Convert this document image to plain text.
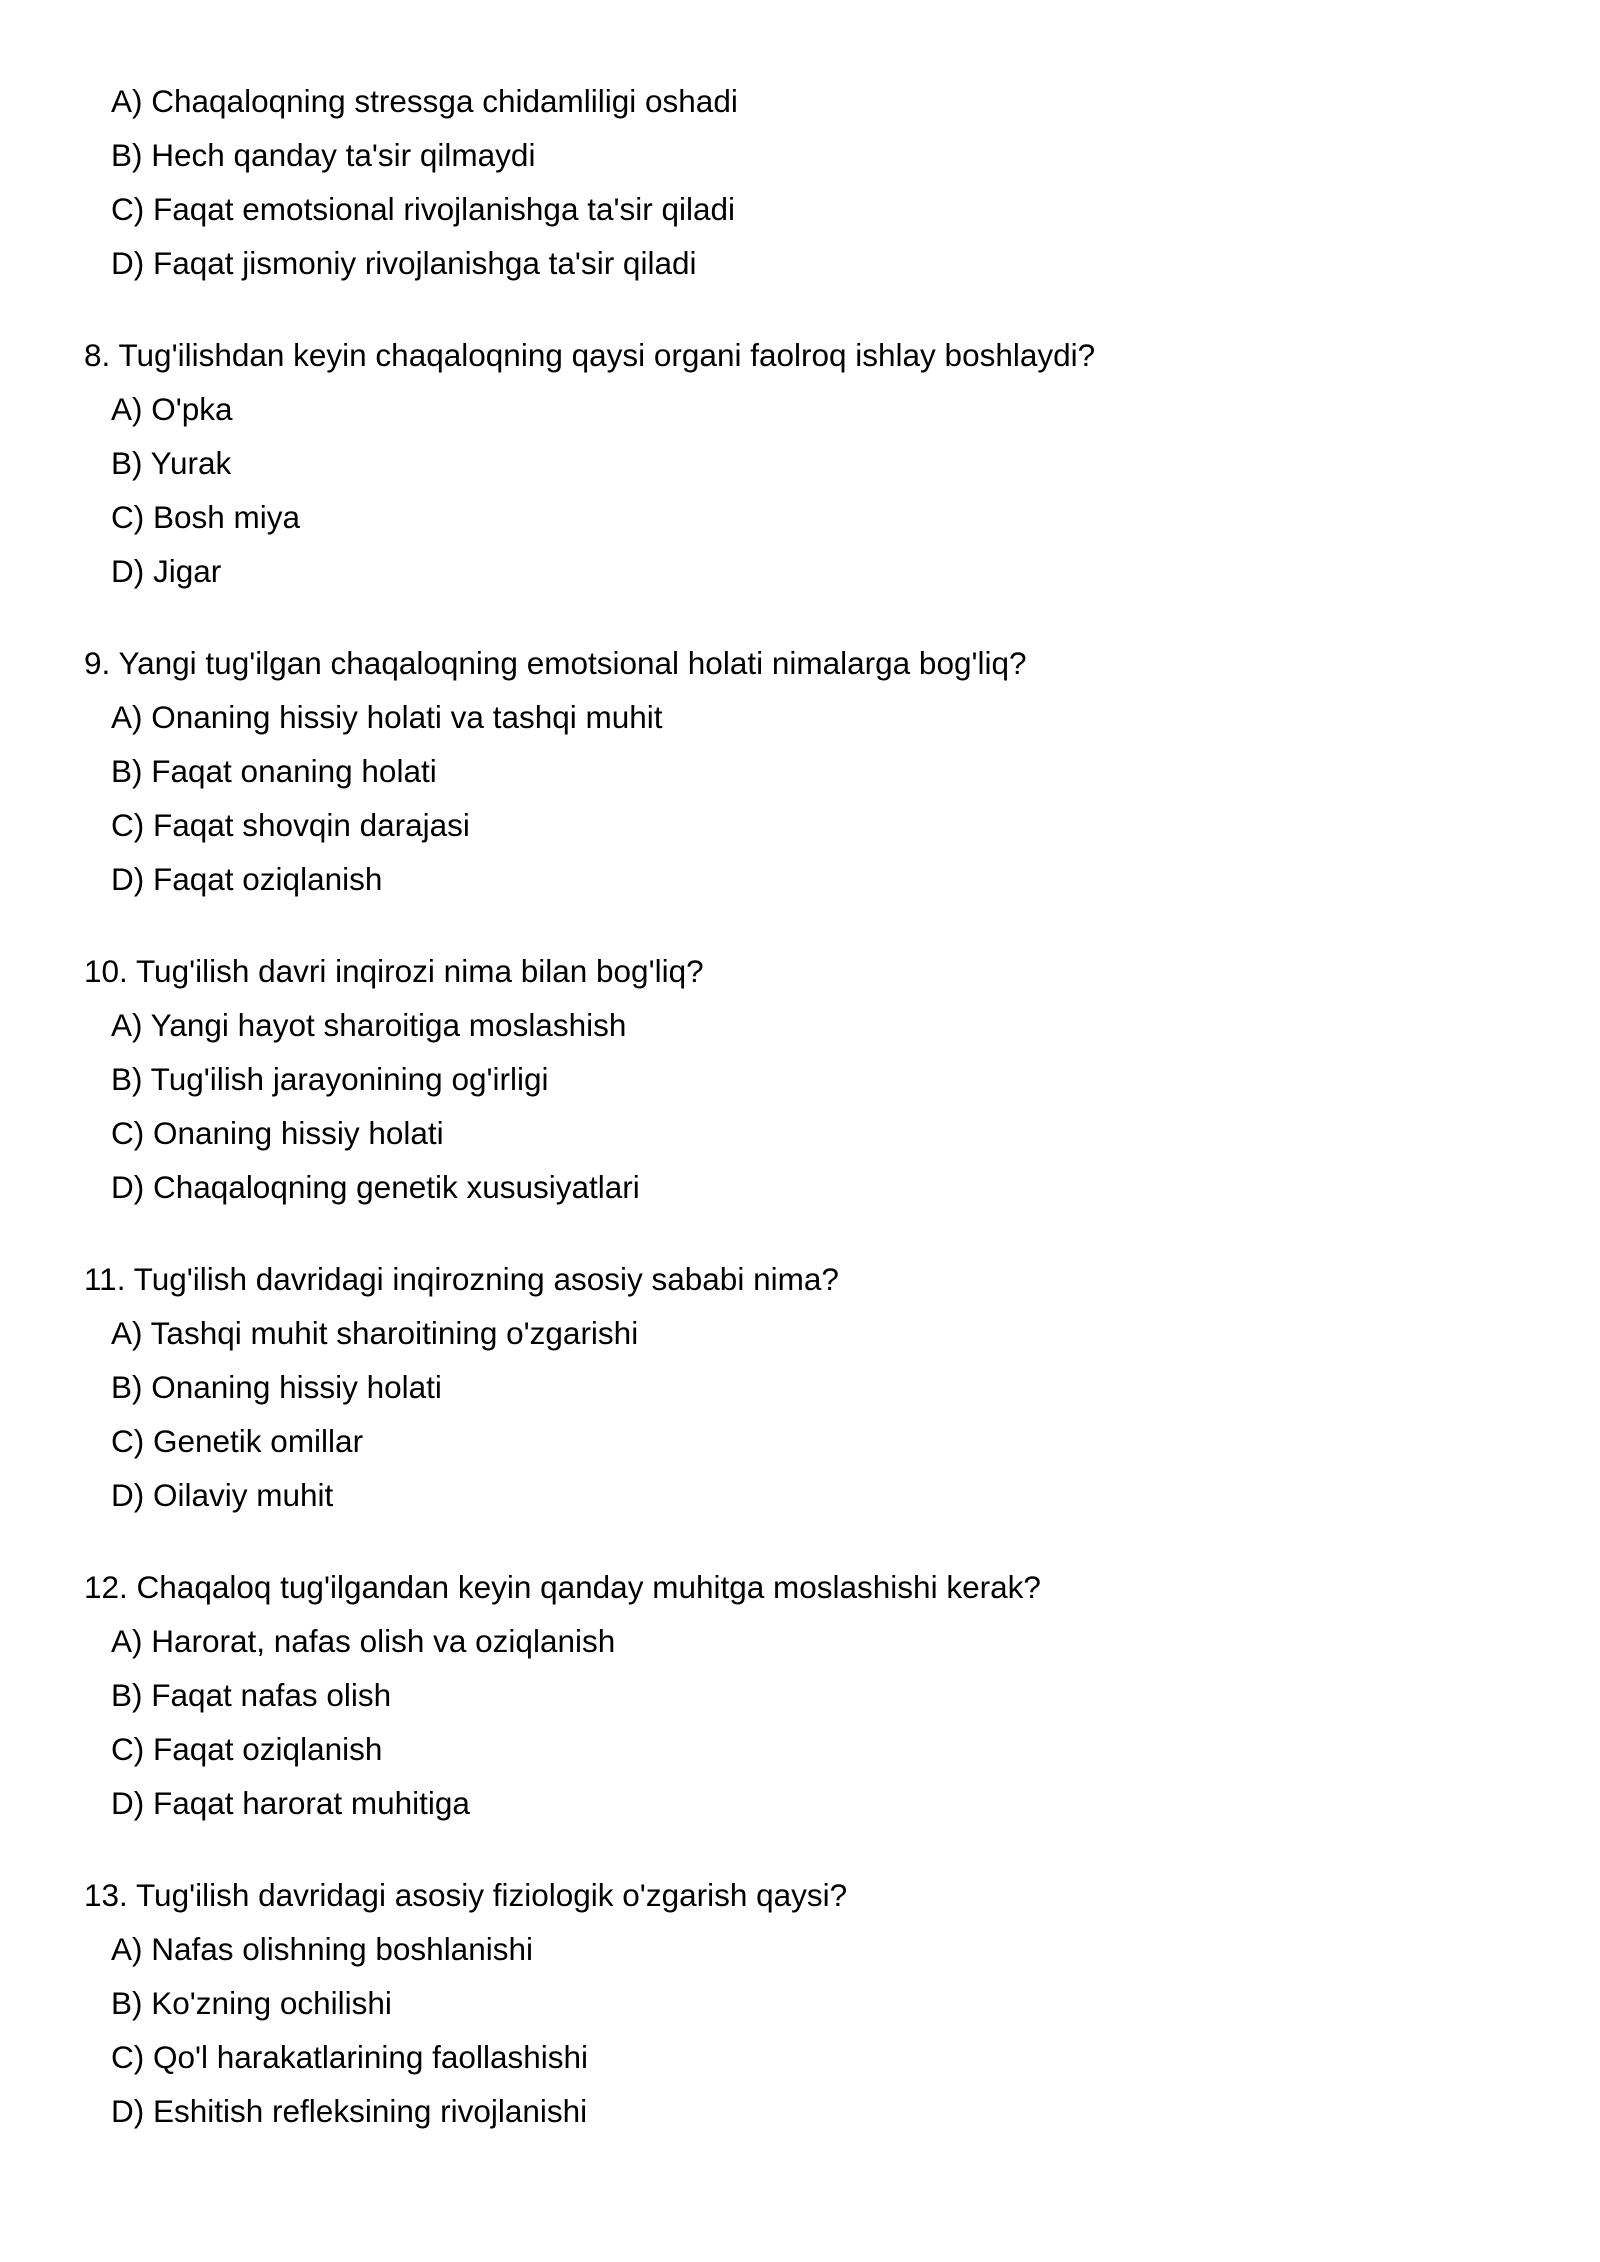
A) Chaqaloqning stressga chidamliligi oshadi

B) Hech qanday ta'sir qilmaydi

C) Faqat emotsional rivojlanishga ta'sir qiladi

D) Faqat jismoniy rivojlanishga ta'sir qiladi

8. Tug'ilishdan keyin chaqaloqning qaysi organi faolroq ishlay boshlaydi?

A) O'pka

B) Yurak

C) Bosh miya

D) Jigar

9. Yangi tug'ilgan chaqaloqning emotsional holati nimalarga bog'liq?

A) Onaning hissiy holati va tashqi muhit

B) Faqat onaning holati

C) Faqat shovqin darajasi

D) Faqat oziqlanish

10. Tug'ilish davri inqirozi nima bilan bog'liq?

A) Yangi hayot sharoitiga moslashish

B) Tug'ilish jarayonining og'irligi

C) Onaning hissiy holati

D) Chaqaloqning genetik xususiyatlari

11. Tug'ilish davridagi inqirozning asosiy sababi nima?

A) Tashqi muhit sharoitining o'zgarishi

B) Onaning hissiy holati

C) Genetik omillar

D) Oilaviy muhit

12. Chaqaloq tug'ilgandan keyin qanday muhitga moslashishi kerak?

A) Harorat, nafas olish va oziqlanish

B) Faqat nafas olish

C) Faqat oziqlanish

D) Faqat harorat muhitiga

13. Tug'ilish davridagi asosiy fiziologik o'zgarish qaysi?

A) Nafas olishning boshlanishi

B) Ko'zning ochilishi

C) Qo'l harakatlarining faollashishi

D) Eshitish refleksining rivojlanishi
